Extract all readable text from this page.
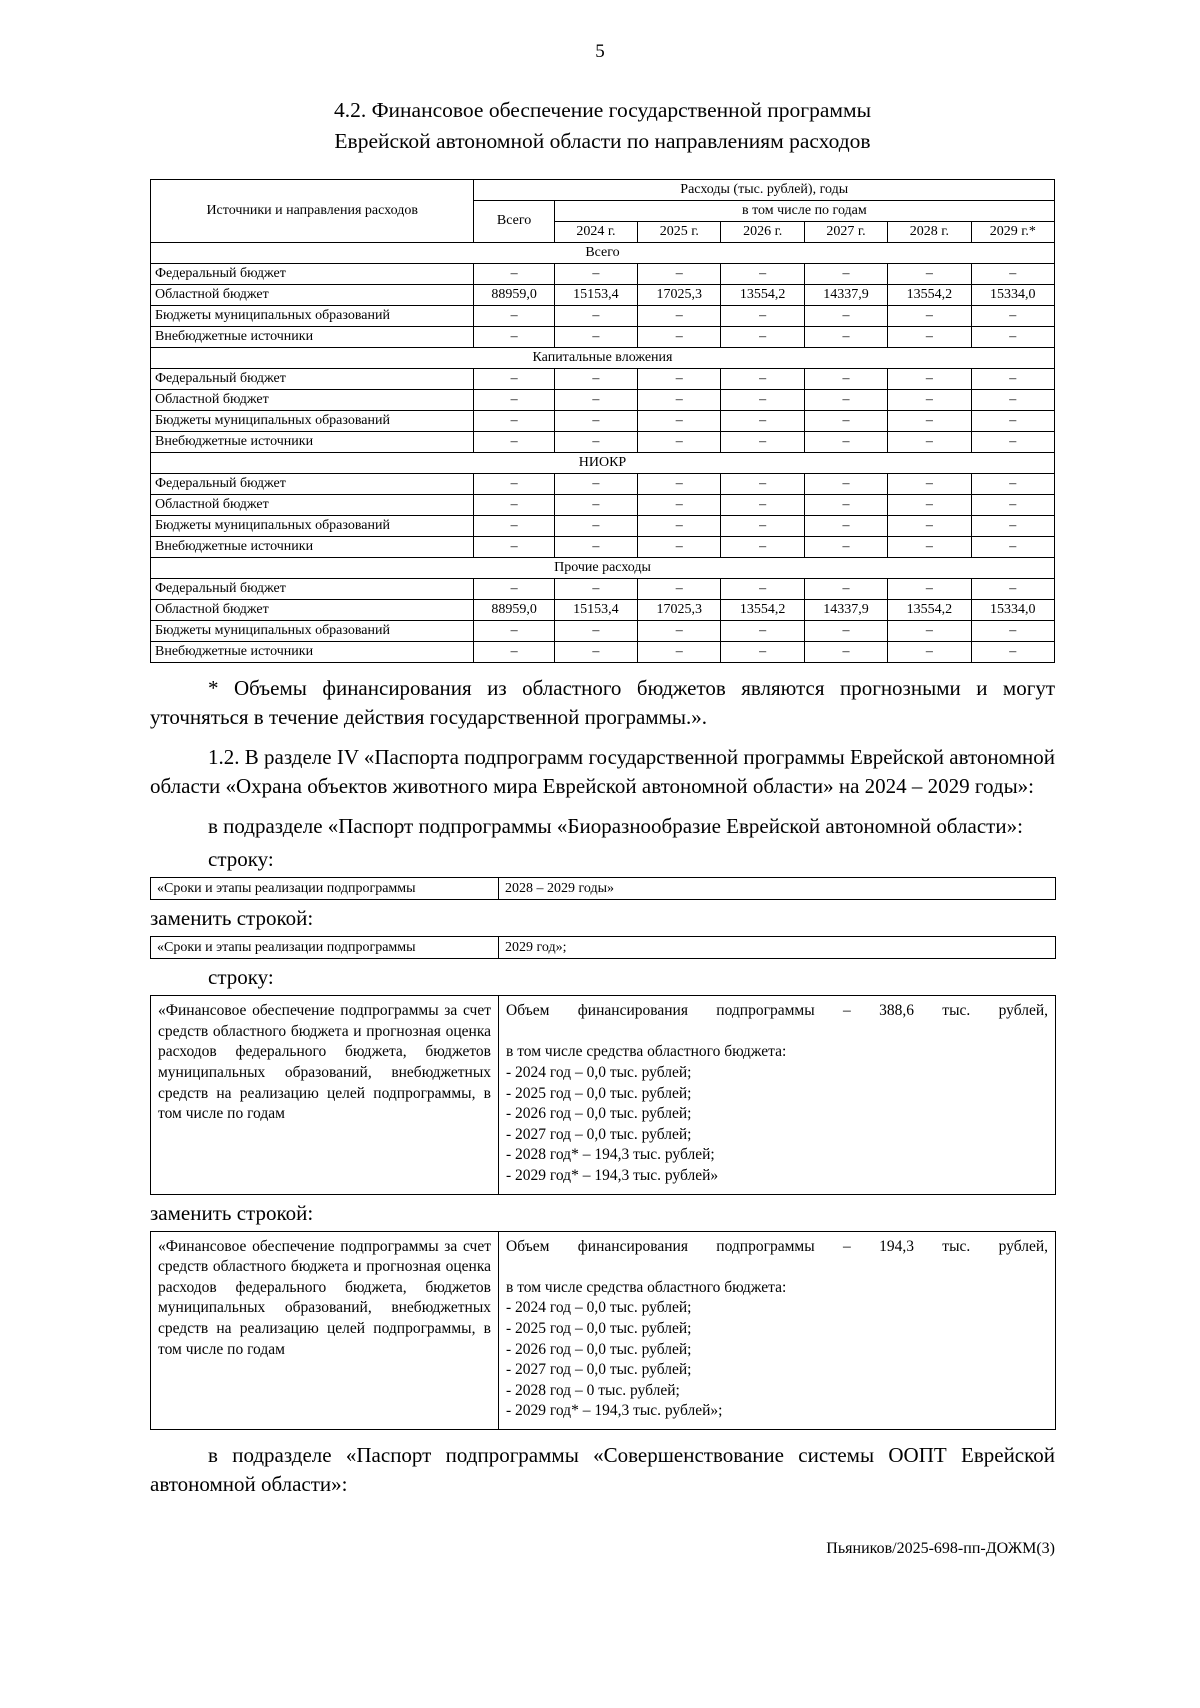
5
4.2. Финансовое обеспечение государственной программы
Еврейской автономной области по направлениям расходов
Источники и направления расходов	Расходы (тыс. рублей), годы						
	Всего	в том числе по годам					
		2024 г.	2025 г.	2026 г.	2027 г.	2028 г.	2029 г.*
Всего							
Федеральный бюджет	–	–	–	–	–	–	–
Областной бюджет	88959,0	15153,4	17025,3	13554,2	14337,9	13554,2	15334,0
Бюджеты муниципальных образований	–	–	–	–	–	–	–
Внебюджетные источники	–	–	–	–	–	–	–
Капитальные вложения							
Федеральный бюджет	–	–	–	–	–	–	–
Областной бюджет	–	–	–	–	–	–	–
Бюджеты муниципальных образований	–	–	–	–	–	–	–
Внебюджетные источники	–	–	–	–	–	–	–
НИОКР							
Федеральный бюджет	–	–	–	–	–	–	–
Областной бюджет	–	–	–	–	–	–	–
Бюджеты муниципальных образований	–	–	–	–	–	–	–
Внебюджетные источники	–	–	–	–	–	–	–
Прочие расходы							
Федеральный бюджет	–	–	–	–	–	–	–
Областной бюджет	88959,0	15153,4	17025,3	13554,2	14337,9	13554,2	15334,0
Бюджеты муниципальных образований	–	–	–	–	–	–	–
Внебюджетные источники	–	–	–	–	–	–	–

* Объемы финансирования из областного бюджетов являются прогнозными и могут уточняться в течение действия государственной программы.».

1.2. В разделе IV «Паспорта подпрограмм государственной программы Еврейской автономной области «Охрана объектов животного мира Еврейской автономной области» на 2024 – 2029 годы»:

в подразделе «Паспорт подпрограммы «Биоразнообразие Еврейской автономной области»:

строку:
«Сроки и этапы реализации подпрограммы	2028 – 2029 годы»
заменить строкой:
«Сроки и этапы реализации подпрограммы	2029 год»;
строку:
«Финансовое обеспечение подпрограммы за счет средств областного бюджета и прогнозная оценка расходов федерального бюджета, бюджетов муниципальных образований, внебюджетных средств на реализацию целей подпрограммы, в том числе по годам	
Объем финансирования подпрограммы – 388,6 тыс. рублей,
в том числе средства областного бюджета:
- 2024 год – 0,0 тыс. рублей;
- 2025 год – 0,0 тыс. рублей;
- 2026 год – 0,0 тыс. рублей;
- 2027 год – 0,0 тыс. рублей;
- 2028 год* – 194,3 тыс. рублей;
- 2029 год* – 194,3 тыс. рублей»
заменить строкой:
«Финансовое обеспечение подпрограммы за счет средств областного бюджета и прогнозная оценка расходов федерального бюджета, бюджетов муниципальных образований, внебюджетных средств на реализацию целей подпрограммы, в том числе по годам	
Объем финансирования подпрограммы – 194,3 тыс. рублей,
в том числе средства областного бюджета:
- 2024 год – 0,0 тыс. рублей;
- 2025 год – 0,0 тыс. рублей;
- 2026 год – 0,0 тыс. рублей;
- 2027 год – 0,0 тыс. рублей;
- 2028 год – 0 тыс. рублей;
- 2029 год* – 194,3 тыс. рублей»;

в подразделе «Паспорт подпрограммы «Совершенствование системы ООПТ Еврейской автономной области»:

Пьяников/2025-698-пп-ДОЖМ(3)
